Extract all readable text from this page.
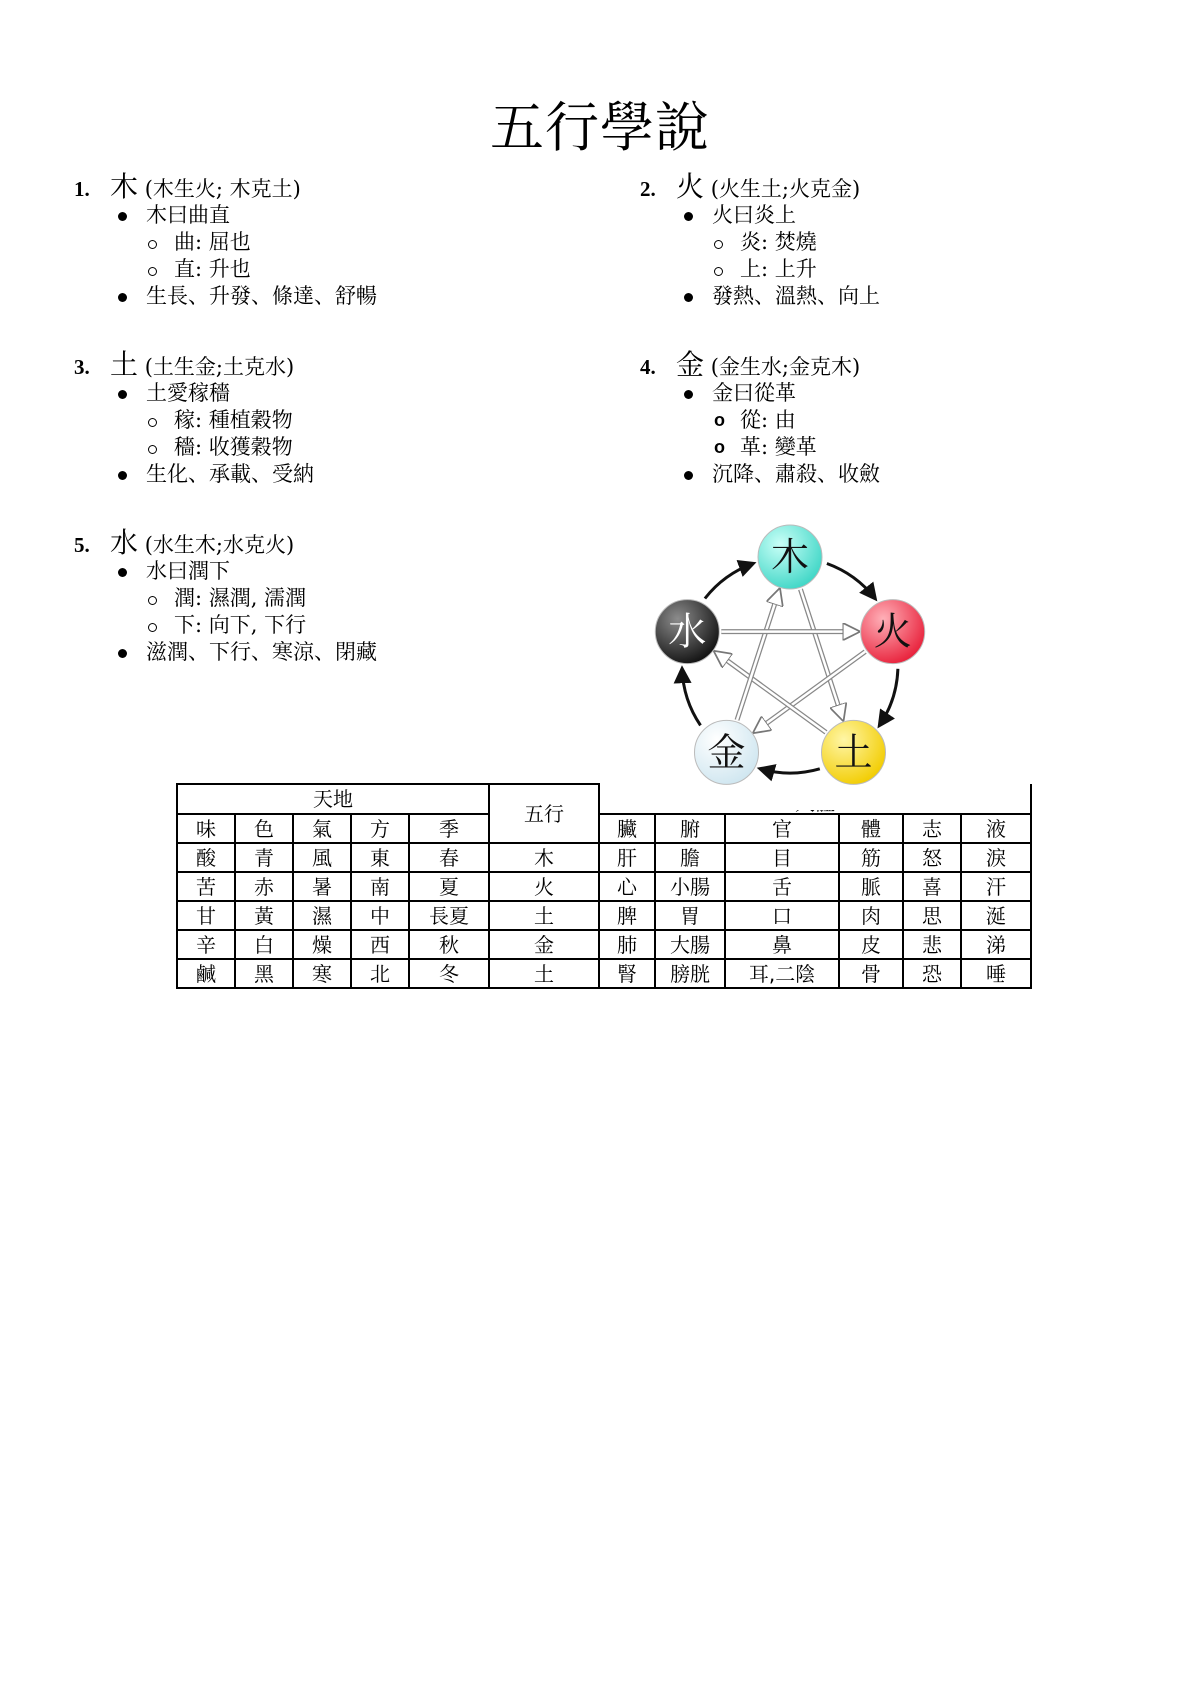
五行學說
1. 木 (木生火; 木克土)
木曰曲直
曲: 屈也
直: 升也
生長、升發、條達、舒暢
2. 火 (火生土;火克金)
火曰炎上
炎: 焚燒
上: 上升
發熱、溫熱、向上
3. 土 (土生金;土克水)
土愛稼穡
稼: 種植穀物
穡: 收獲穀物
生化、承載、受納
4. 金 (金生水;金克木)
金曰從革
o 從: 由
o 革: 變革
沉降、肅殺、收斂
5. 水 (水生木;水克火)
水曰潤下
潤: 濕潤, 濡潤
下: 向下, 下行
滋潤、下行、寒涼、閉藏
天地					五行	
味	色	氣	方	季		臟	腑	官	體	志	液
酸	青	風	東	春	木	肝	膽	目	筋	怒	淚
苦	赤	暑	南	夏	火	心	小腸	舌	脈	喜	汗
甘	黃	濕	中	長夏	土	脾	胃	口	肉	思	涎
辛	白	燥	西	秋	金	肺	大腸	鼻	皮	悲	涕
鹹	黑	寒	北	冬	土	腎	膀胱	耳,二陰	骨	恐	唾
木
火
土
金
水
